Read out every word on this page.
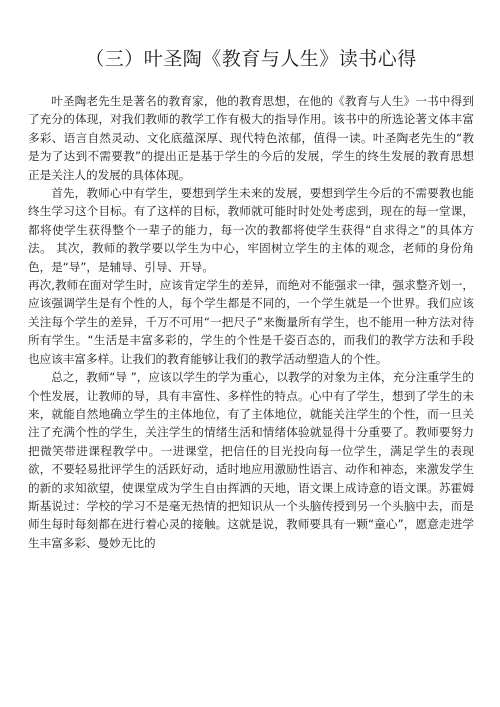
（三）叶圣陶《教育与人生》读书心得

叶圣陶老先生是著名的教育家，他的教育思想，在他的《教育与人生》一书中得到了充分的体现，对我们教师的教学工作有极大的指导作用。该书中的所选论著文体丰富多彩、语言自然灵动、文化底蕴深厚、现代特色浓郁，值得一读。叶圣陶老先生的“教是为了达到不需要教”的提出正是基于学生的今后的发展，学生的终生发展的教育思想正是关注人的发展的具体体现。

首先，教师心中有学生，要想到学生未来的发展，要想到学生今后的不需要教也能终生学习这个目标。有了这样的目标，教师就可能时时处处考虑到，现在的每一堂课，都将使学生获得整个一辈子的能力，每一次的教都将使学生获得“自求得之”的具体方法。 其次，教师的教学要以学生为中心，牢固树立学生的主体的观念，老师的身份角色，是“导”，是辅导、引导、开导。

再次,教师在面对学生时，应该肯定学生的差异，而绝对不能强求一律，强求整齐划一，应该强调学生是有个性的人，每个学生都是不同的，一个学生就是一个世界。我们应该关注每个学生的差异，千万不可用“一把尺子”来衡量所有学生，也不能用一种方法对待所有学生。“生活是丰富多彩的，学生的个性是千姿百态的，而我们的教学方法和手段也应该丰富多样。让我们的教育能够让我们的教学活动塑造人的个性。

总之，教师“导 ”，应该以学生的学为重心，以教学的对象为主体，充分注重学生的个性发展，让教师的导，具有丰富性、多样性的特点。心中有了学生，想到了学生的未来，就能自然地确立学生的主体地位，有了主体地位，就能关注学生的个性，而一旦关注了充满个性的学生，关注学生的情绪生活和情绪体验就显得十分重要了。教师要努力把微笑带进课程教学中。一进课堂，把信任的目光投向每一位学生，满足学生的表现欲，不要轻易批评学生的活跃好动，适时地应用激励性语言、动作和神态，来激发学生的新的求知欲望，使课堂成为学生自由挥洒的天地，语文课上成诗意的语文课。苏霍姆斯基说过：学校的学习不是毫无热情的把知识从一个头脑传授到另一个头脑中去，而是师生每时每刻都在进行着心灵的接触。这就是说，教师要具有一颗“童心”，愿意走进学生丰富多彩、曼妙无比的
